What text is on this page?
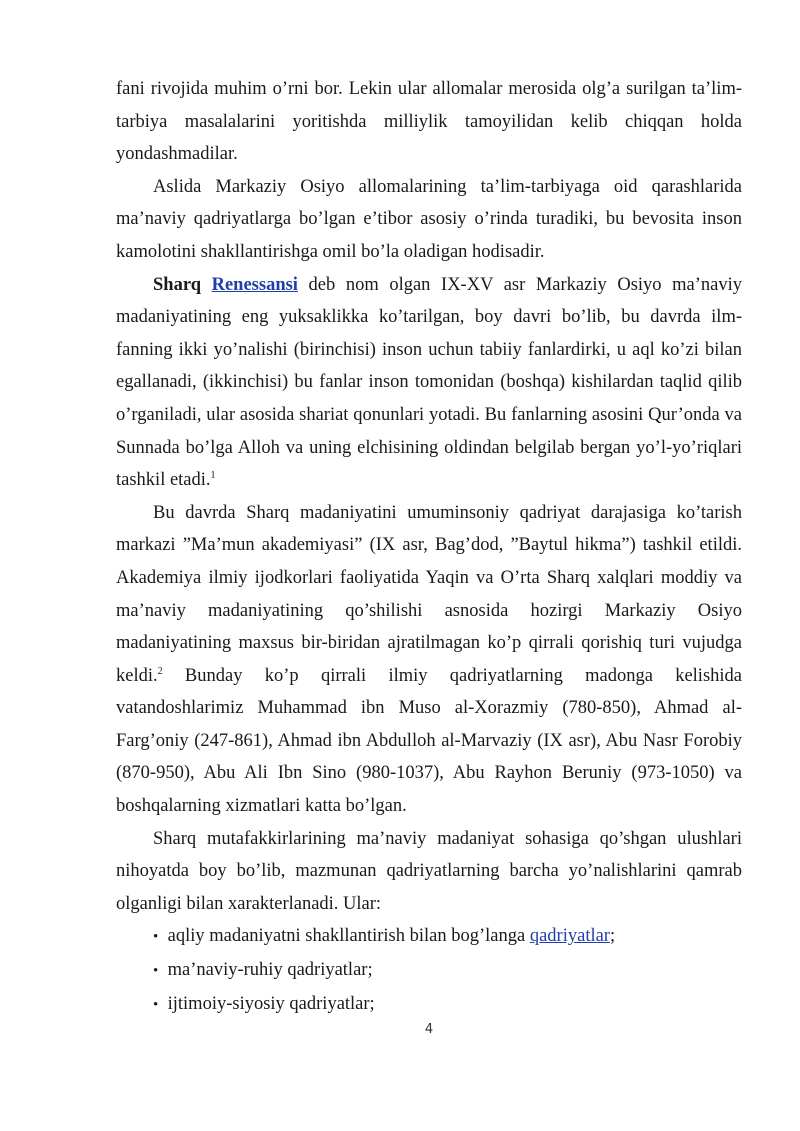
fani rivojida muhim o’rni bor. Lekin ular allomalar merosida olg’a surilgan ta’lim-tarbiya masalalarini yoritishda milliylik tamoyilidan kelib chiqqan holda yondashmadilar.

Aslida Markaziy Osiyo allomalarining ta’lim-tarbiyaga oid qarashlarida ma’naviy qadriyatlarga bo’lgan e’tibor asosiy o’rinda turadiki, bu bevosita inson kamolotini shakllantirishga omil bo’la oladigan hodisadir.

Sharq Renessansi deb nom olgan IX-XV asr Markaziy Osiyo ma’naviy madaniyatining eng yuksaklikka ko’tarilgan, boy davri bo’lib, bu davrda ilm-fanning ikki yo’nalishi (birinchisi) inson uchun tabiiy fanlardirki, u aql ko’zi bilan egallanadi, (ikkinchisi) bu fanlar inson tomonidan (boshqa) kishilardan taqlid qilib o’rganiladi, ular asosida shariat qonunlari yotadi. Bu fanlarning asosini Qur’onda va Sunnada bo’lga Alloh va uning elchisining oldindan belgilab bergan yo’l-yo’riqlari tashkil etadi.$^1$

Bu davrda Sharq madaniyatini umuminsoniy qadriyat darajasiga ko’tarish markazi ”Ma’mun akademiyasi” (IX asr, Bag’dod, ”Baytul hikma”) tashkil etildi. Akademiya ilmiy ijodkorlari faoliyatida Yaqin va O’rta Sharq xalqlari moddiy va ma’naviy madaniyatining qo’shilishi asnosida hozirgi Markaziy Osiyo madaniyatining maxsus bir-biridan ajratilmagan ko’p qirrali qorishiq turi vujudga keldi.$^2$ Bunday ko’p qirrali ilmiy qadriyatlarning madonga kelishida vatandoshlarimiz Muhammad ibn Muso al-Xorazmiy (780-850), Ahmad al-Farg’oniy (247-861), Ahmad ibn Abdulloh al-Marvaziy (IX asr), Abu Nasr Forobiy (870-950), Abu Ali Ibn Sino (980-1037), Abu Rayhon Beruniy (973-1050) va boshqalarning xizmatlari katta bo’lgan.

Sharq mutafakkirlarining ma’naviy madaniyat sohasiga qo’shgan ulushlari nihoyatda boy bo’lib, mazmunan qadriyatlarning barcha yo’nalishlarini qamrab olganligi bilan xarakterlanadi. Ular:

• aqliy madaniyatni shakllantirish bilan bog’langa qadriyatlar;
• ma’naviy-ruhiy qadriyatlar;
• ijtimoiy-siyosiy qadriyatlar;
4
